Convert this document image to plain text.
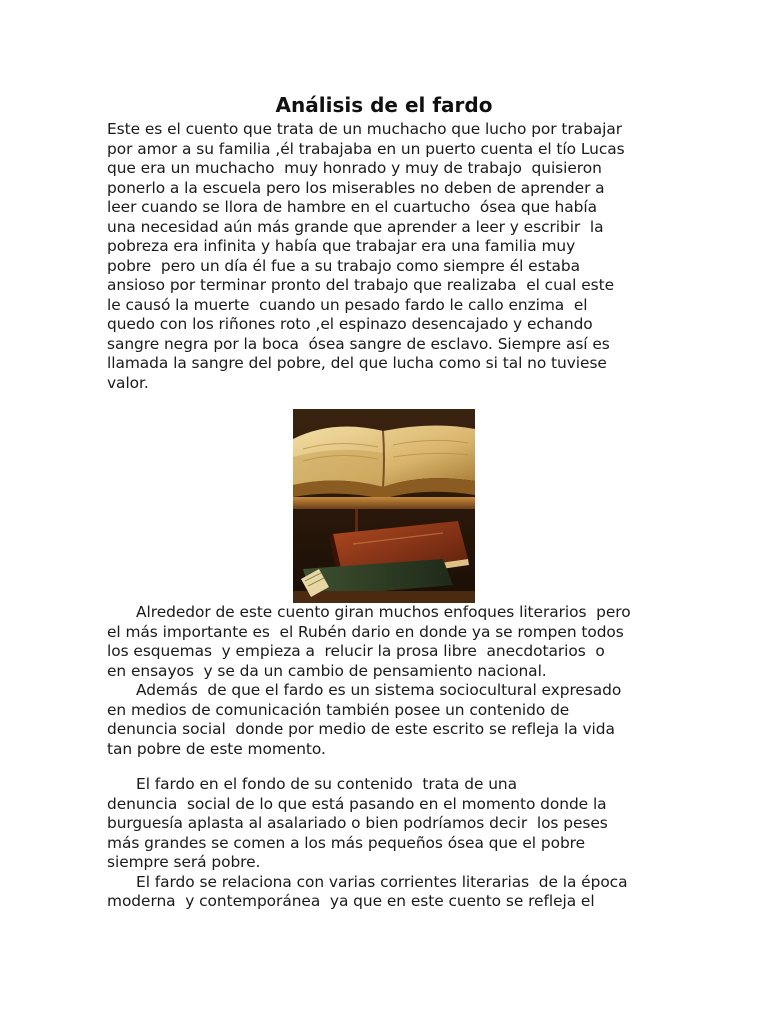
Análisis de el fardo
Este es el cuento que trata de un muchacho que lucho por trabajar
por amor a su familia ,él trabajaba en un puerto cuenta el tío Lucas
que era un muchacho  muy honrado y muy de trabajo  quisieron
ponerlo a la escuela pero los miserables no deben de aprender a
leer cuando se llora de hambre en el cuartucho  ósea que había
una necesidad aún más grande que aprender a leer y escribir  la
pobreza era infinita y había que trabajar era una familia muy
pobre  pero un día él fue a su trabajo como siempre él estaba
ansioso por terminar pronto del trabajo que realizaba  el cual este
le causó la muerte  cuando un pesado fardo le callo enzima  el
quedo con los riñones roto ,el espinazo desencajado y echando
sangre negra por la boca  ósea sangre de esclavo. Siempre así es
llamada la sangre del pobre, del que lucha como si tal no tuviese
valor.
Alrededor de este cuento giran muchos enfoques literarios  pero
el más importante es  el Rubén dario en donde ya se rompen todos
los esquemas  y empieza a  relucir la prosa libre  anecdotarios  o
en ensayos  y se da un cambio de pensamiento nacional.
Además  de que el fardo es un sistema sociocultural expresado
en medios de comunicación también posee un contenido de
denuncia social  donde por medio de este escrito se refleja la vida
tan pobre de este momento.
El fardo en el fondo de su contenido  trata de una
denuncia  social de lo que está pasando en el momento donde la
burguesía aplasta al asalariado o bien podríamos decir  los peses
más grandes se comen a los más pequeños ósea que el pobre
siempre será pobre.
El fardo se relaciona con varias corrientes literarias  de la época
moderna  y contemporánea  ya que en este cuento se refleja el
